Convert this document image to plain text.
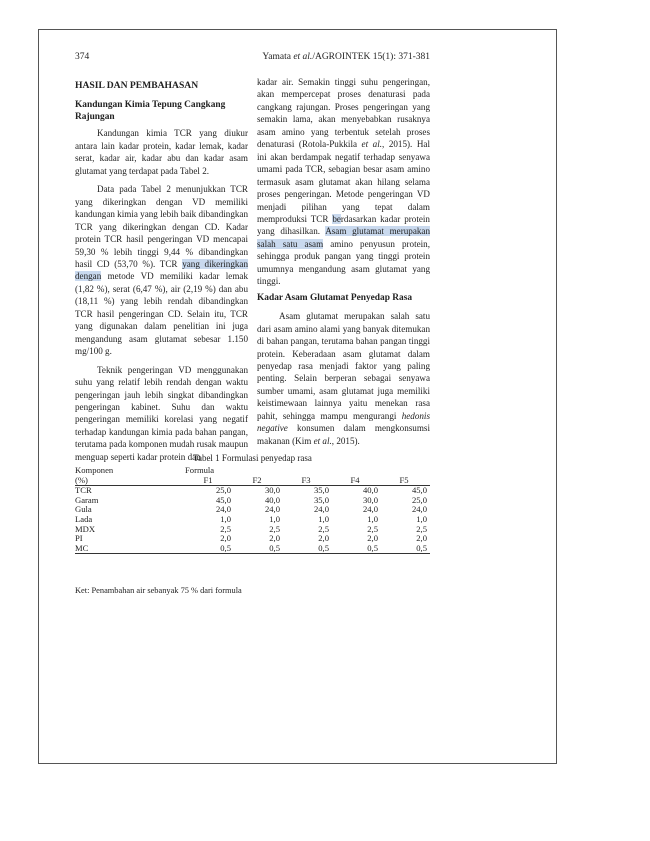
374	Yamata et al./AGROINTEK 15(1): 371-381

HASIL DAN PEMBAHASAN

Kandungan Kimia Tepung Cangkang Rajungan

Kandungan kimia TCR yang diukur antara lain kadar protein, kadar lemak, kadar serat, kadar air, kadar abu dan kadar asam glutamat yang terdapat pada Tabel 2.

Data pada Tabel 2 menunjukkan TCR yang dikeringkan dengan VD memiliki kandungan kimia yang lebih baik dibandingkan TCR yang dikeringkan dengan CD. Kadar protein TCR hasil pengeringan VD mencapai 59,30 % lebih tinggi 9,44 % dibandingkan hasil CD (53,70 %). TCR yang dikeringkan dengan metode VD memiliki kadar lemak (1,82 %), serat (6,47 %), air (2,19 %) dan abu (18,11 %) yang lebih rendah dibandingkan TCR hasil pengeringan CD. Selain itu, TCR yang digunakan dalam penelitian ini juga mengandung asam glutamat sebesar 1.150 mg/100 g.

Teknik pengeringan VD menggunakan suhu yang relatif lebih rendah dengan waktu pengeringan jauh lebih singkat dibandingkan pengeringan kabinet. Suhu dan waktu pengeringan memiliki korelasi yang negatif terhadap kandungan kimia pada bahan pangan, terutama pada komponen mudah rusak maupun menguap seperti kadar protein dan

kadar air. Semakin tinggi suhu pengeringan, akan mempercepat proses denaturasi pada cangkang rajungan. Proses pengeringan yang semakin lama, akan menyebabkan rusaknya asam amino yang terbentuk setelah proses denaturasi (Rotola-Pukkila et al., 2015). Hal ini akan berdampak negatif terhadap senyawa umami pada TCR, sebagian besar asam amino termasuk asam glutamat akan hilang selama proses pengeringan. Metode pengeringan VD menjadi pilihan yang tepat dalam memproduksi TCR berdasarkan kadar protein yang dihasilkan. Asam glutamat merupakan salah satu asam amino penyusun protein, sehingga produk pangan yang tinggi protein umumnya mengandung asam glutamat yang tinggi.

Kadar Asam Glutamat Penyedap Rasa

Asam glutamat merupakan salah satu dari asam amino alami yang banyak ditemukan di bahan pangan, terutama bahan pangan tinggi protein. Keberadaan asam glutamat dalam penyedap rasa menjadi faktor yang paling penting. Selain berperan sebagai senyawa sumber umami, asam glutamat juga memiliki keistimewaan lainnya yaitu menekan rasa pahit, sehingga mampu mengurangi hedonis negative konsumen dalam mengkonsumsi makanan (Kim et al., 2015).

Tabel 1 Formulasi penyedap rasa
Komponen	Formula				
(%)	F1	F2	F3	F4	F5
TCR	25,0	30,0	35,0	40,0	45,0
Garam	45,0	40,0	35,0	30,0	25,0
Gula	24,0	24,0	24,0	24,0	24,0
Lada	1,0	1,0	1,0	1,0	1,0
MDX	2,5	2,5	2,5	2,5	2,5
PI	2,0	2,0	2,0	2,0	2,0
MC	0,5	0,5	0,5	0,5	0,5
Ket: Penambahan air sebanyak 75 % dari formula
